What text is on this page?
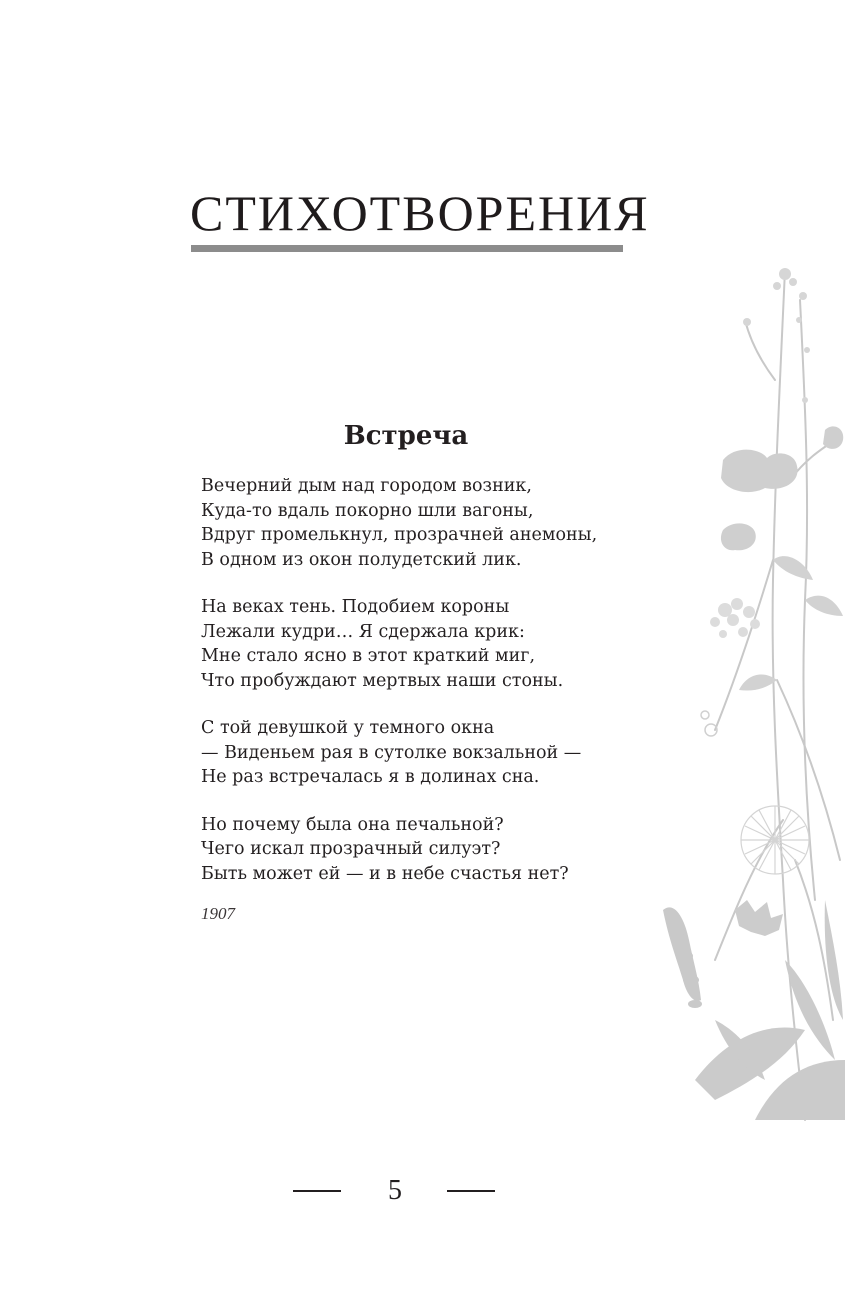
СТИХОТВОРЕНИЯ
Встреча
Вечерний дым над городом возник,
Куда-то вдаль покорно шли вагоны,
Вдруг промелькнул, прозрачней анемоны,
В одном из окон полудетский лик.
На веках тень. Подобием короны
Лежали кудри… Я сдержала крик:
Мне стало ясно в этот краткий миг,
Что пробуждают мертвых наши стоны.
С той девушкой у темного окна
— Виденьем рая в сутолке вокзальной —
Не раз встречалась я в долинах сна.
Но почему была она печальной?
Чего искал прозрачный силуэт?
Быть может ей — и в небе счастья нет?
1907
5
